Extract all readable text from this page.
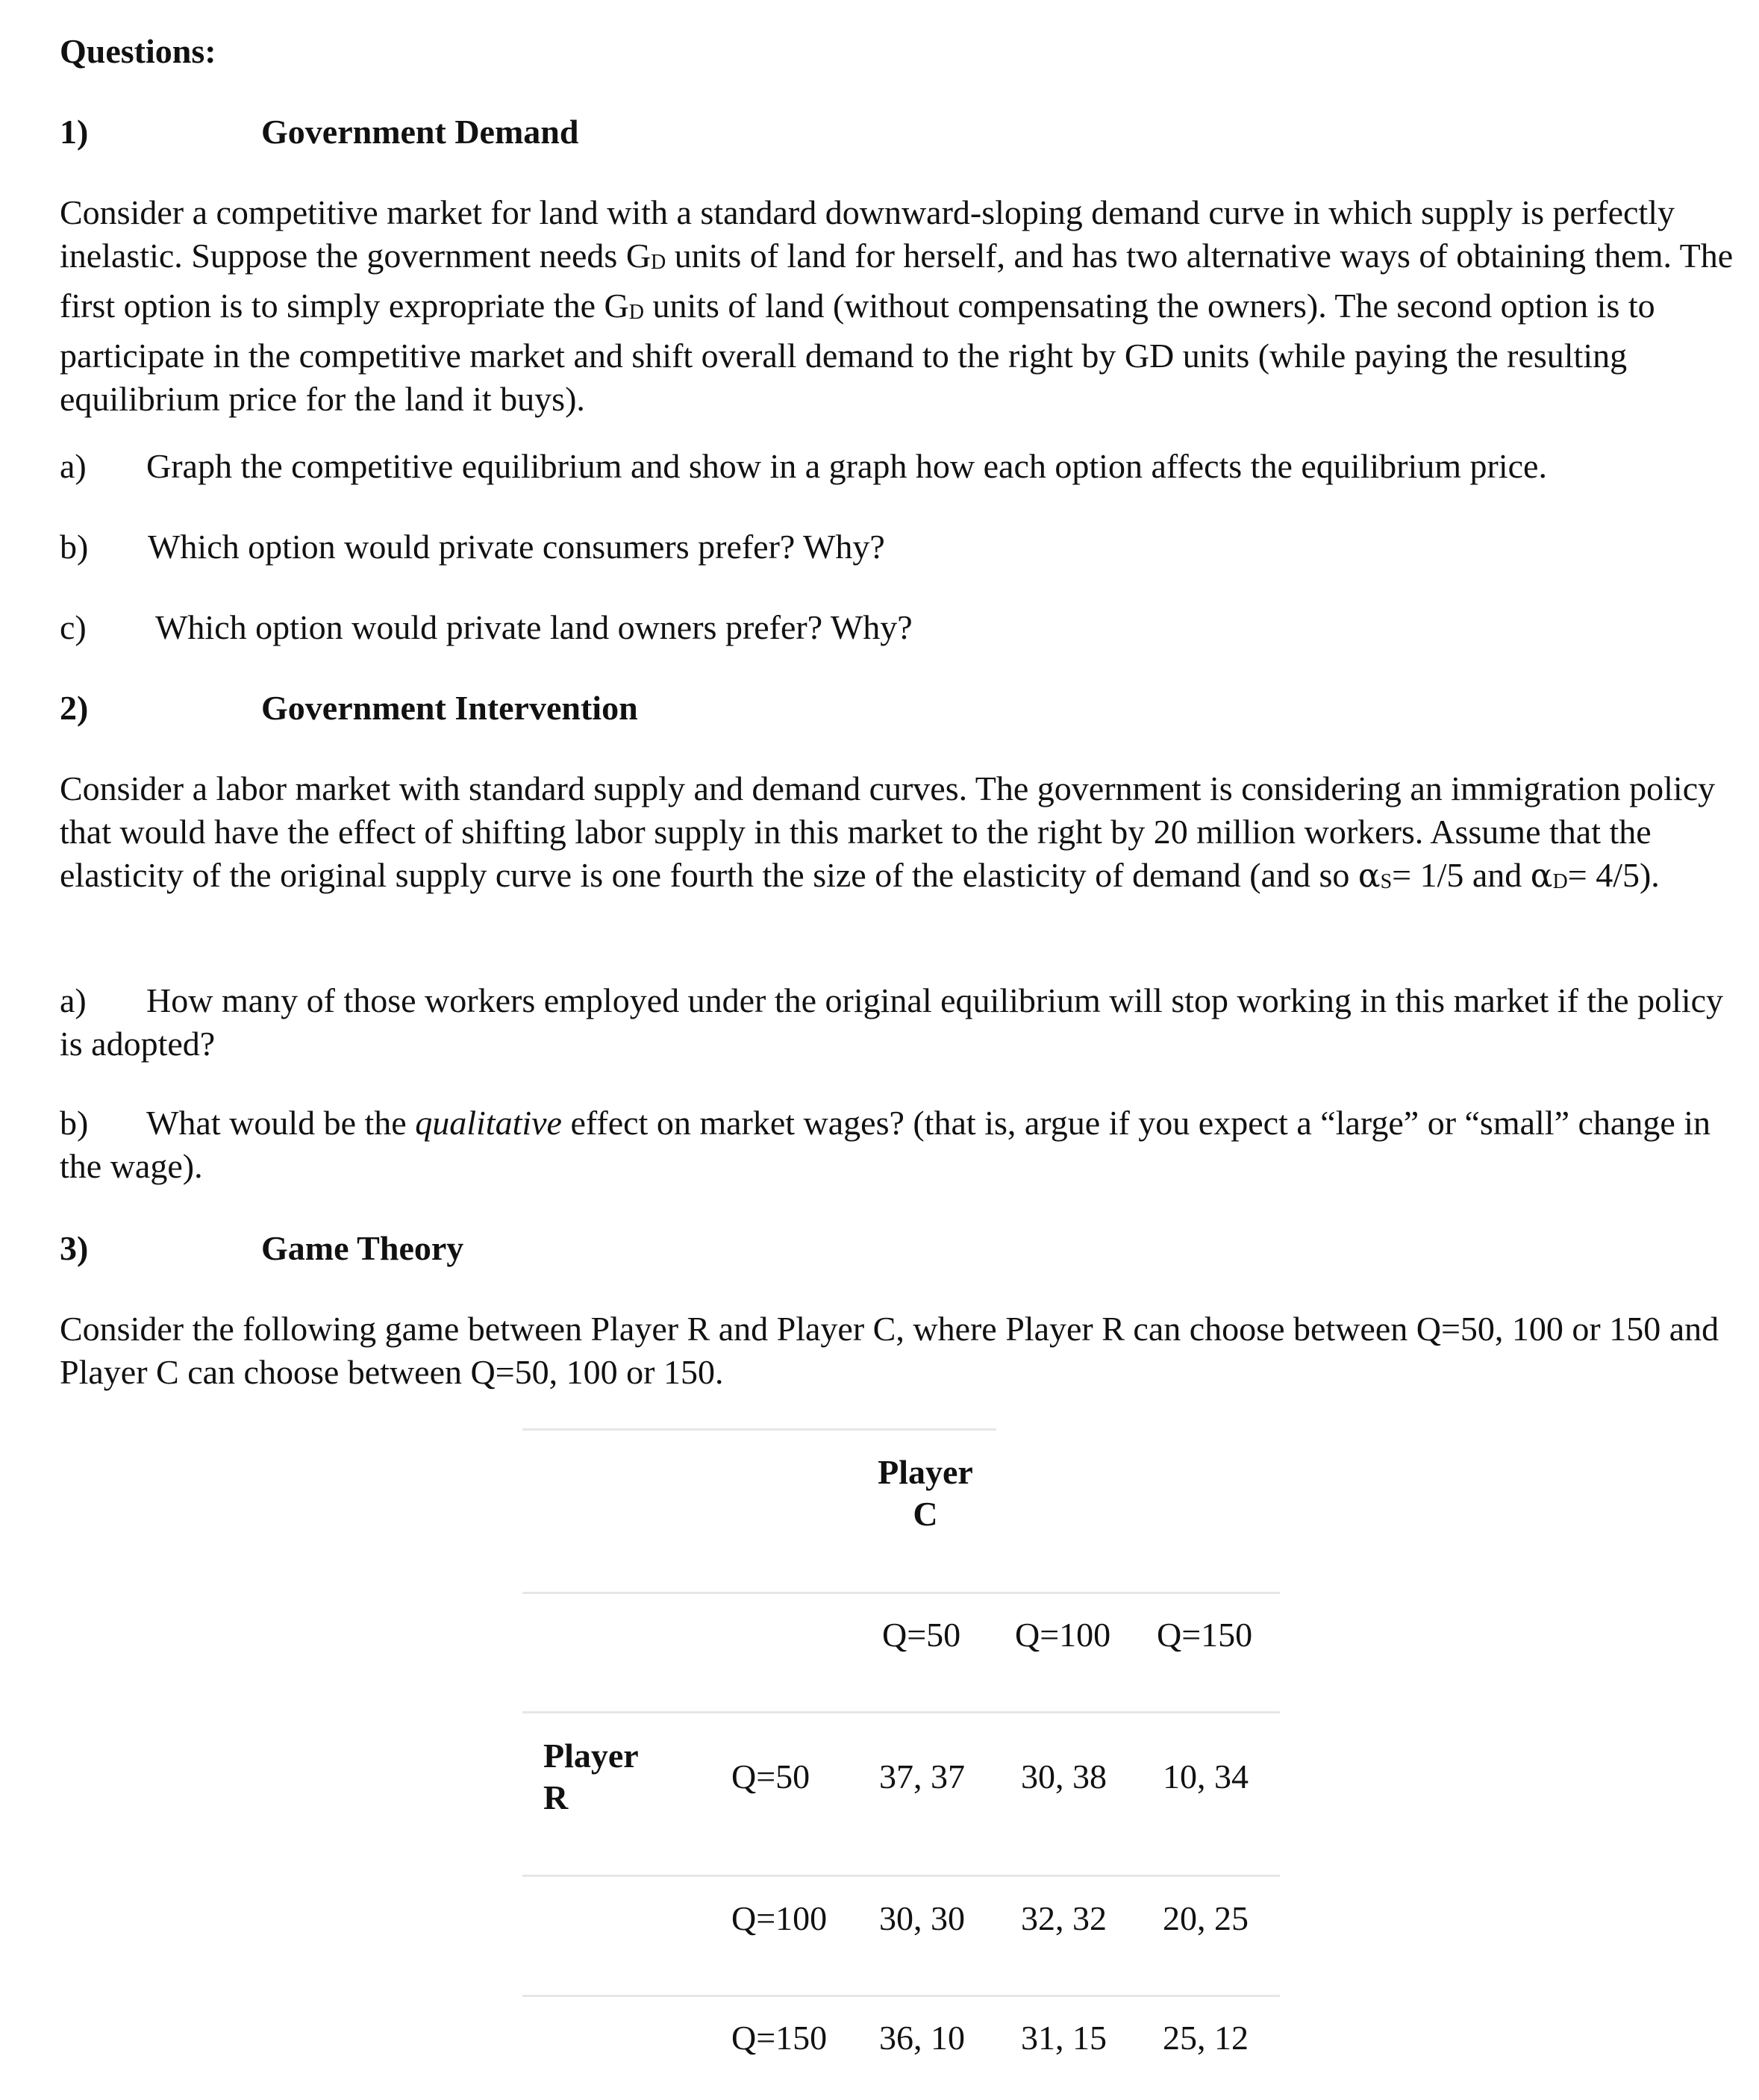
Questions:
1)	Government Demand
Consider a competitive market for land with a standard downward-sloping demand curve in which supply is perfectly inelastic. Suppose the government needs GD units of land for herself, and has two alternative ways of obtaining them. The first option is to simply expropriate the GD units of land (without compensating the owners). The second option is to participate in the competitive market and shift overall demand to the right by GD units (while paying the resulting equilibrium price for the land it buys).
a) Graph the competitive equilibrium and show in a graph how each option affects the equilibrium price.
b) Which option would private consumers prefer? Why?
c) Which option would private land owners prefer? Why?
2)	Government Intervention
Consider a labor market with standard supply and demand curves. The government is considering an immigration policy that would have the effect of shifting labor supply in this market to the right by 20 million workers. Assume that the elasticity of the original supply curve is one fourth the size of the elasticity of demand (and so αS= 1/5 and αD= 4/5).
a) How many of those workers employed under the original equilibrium will stop working in this market if the policy is adopted?
b) What would be the qualitative effect on market wages? (that is, argue if you expect a “large” or “small” change in the wage).
3)	Game Theory
Consider the following game between Player R and Player C, where Player R can choose between Q=50, 100 or 150 and Player C can choose between Q=50, 100 or 150.
Player
C
Q=50 Q=100 Q=150
Player
R
Q=50 37, 37 30, 38 10, 34
Q=100 30, 30 32, 32 20, 25
Q=150 36, 10 31, 15 25, 12
